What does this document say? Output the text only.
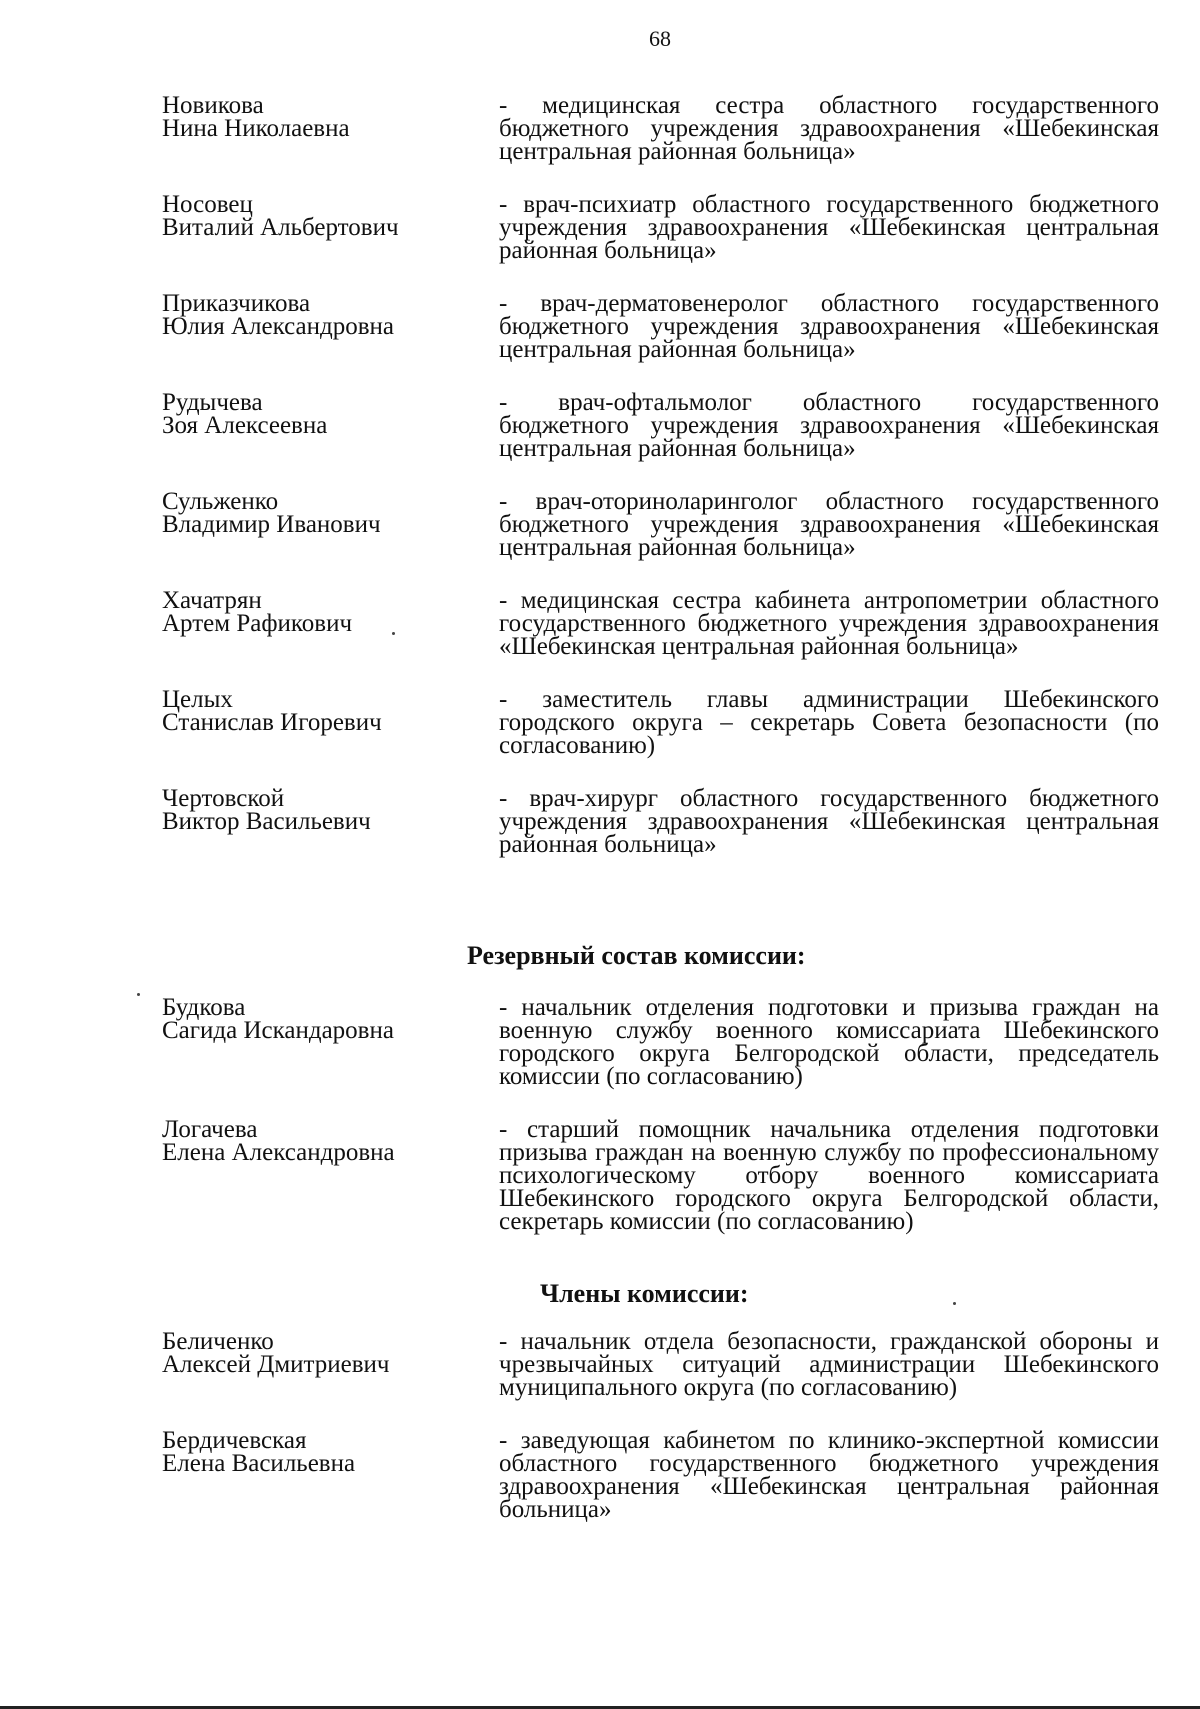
68
Новикова
Нина Николаевна
- медицинская сестра областного государственного бюджетного учреждения здравоохранения «Шебекинская центральная районная больница»
Носовец
Виталий Альбертович
- врач-психиатр областного государственного бюджетного учреждения здравоохранения «Шебекинская центральная районная больница»
Приказчикова
Юлия Александровна
- врач-дерматовенеролог областного государственного бюджетного учреждения здравоохранения «Шебекинская центральная районная больница»
Рудычева
Зоя Алексеевна
- врач-офтальмолог областного государственного бюджетного учреждения здравоохранения «Шебекинская центральная районная больница»
Сульженко
Владимир Иванович
- врач-оториноларинголог областного государственного бюджетного учреждения здравоохранения «Шебекинская центральная районная больница»
Хачатрян
Артем Рафикович
- медицинская сестра кабинета антропометрии областного государственного бюджетного учреждения здравоохранения «Шебекинская центральная районная больница»
Целых
Станислав Игоревич
- заместитель главы администрации Шебекинского городского округа – секретарь Совета безопасности (по согласованию)
Чертовской
Виктор Васильевич
- врач-хирург областного государственного бюджетного учреждения здравоохранения «Шебекинская центральная районная больница»
Резервный состав комиссии:
Будкова
Сагида Искандаровна
- начальник отделения подготовки и призыва граждан на военную службу военного комиссариата Шебекинского городского округа Белгородской области, председатель комиссии (по согласованию)
Логачева
Елена Александровна
- старший помощник начальника отделения подготовки призыва граждан на военную службу по профессиональному психологическому отбору военного комиссариата Шебекинского городского округа Белгородской области, секретарь комиссии (по согласованию)
Члены комиссии:
Беличенко
Алексей Дмитриевич
- начальник отдела безопасности, гражданской обороны и чрезвычайных ситуаций администрации Шебекинского муниципального округа (по согласованию)
Бердичевская
Елена Васильевна
- заведующая кабинетом по клинико-экспертной комиссии областного государственного бюджетного учреждения здравоохранения «Шебекинская центральная районная больница»
